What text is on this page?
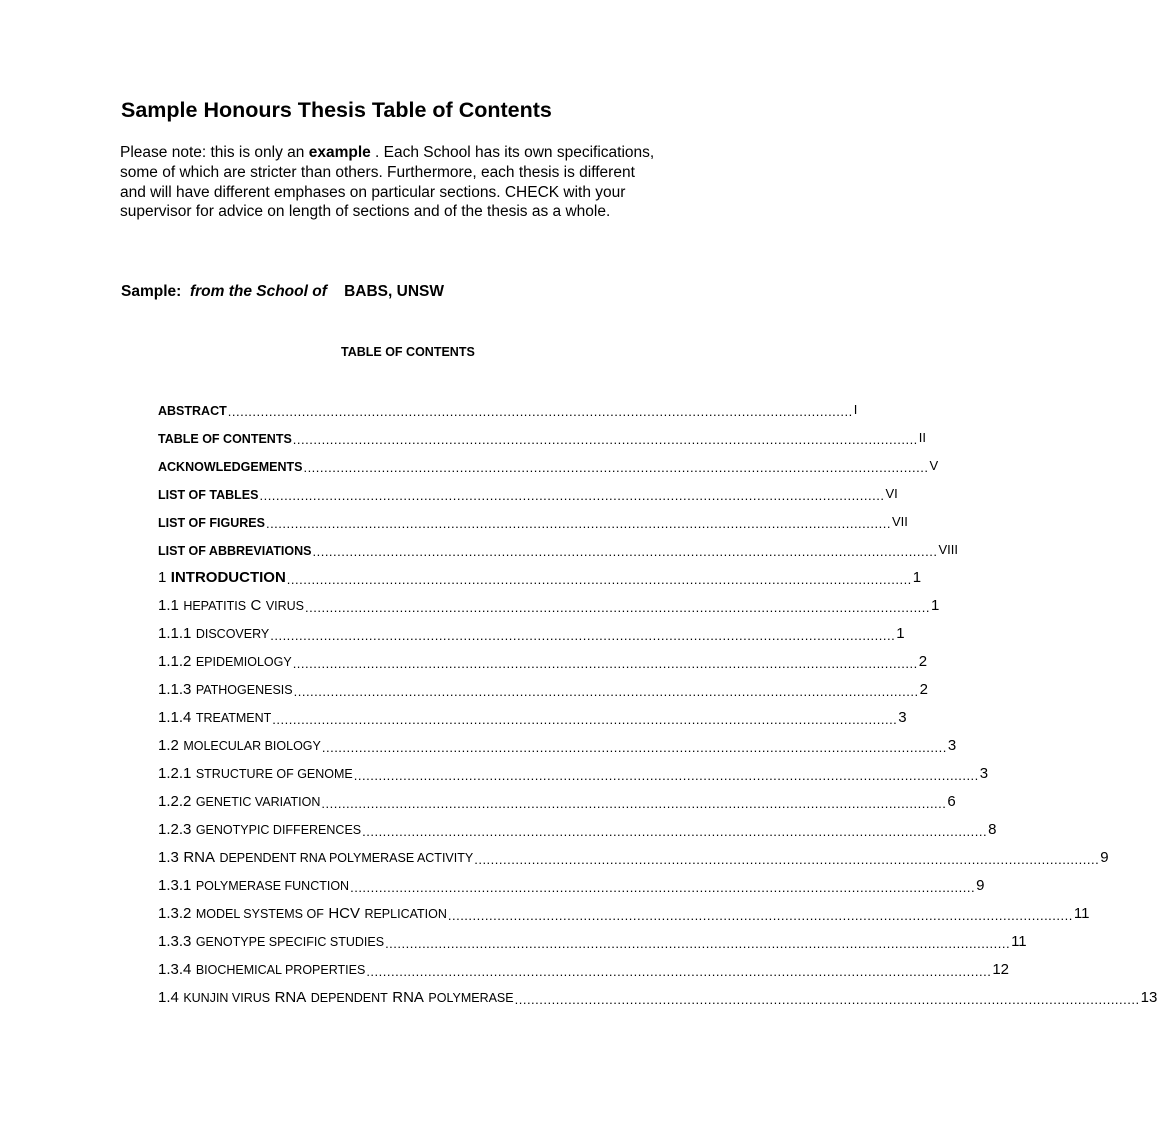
Sample Honours Thesis Table of Contents

Please note: this is only an example . Each School has its own specifications, some of which are stricter than others. Furthermore, each thesis is different and will have different emphases on particular sections. CHECK with your supervisor for advice on length of sections and of the thesis as a whole.

Sample: from the School of BABS, UNSW

TABLE OF CONTENTS
ABSTRACT ........................................................................................................................................................ I
TABLE OF CONTENTS ........................................................................................................................................................ II
ACKNOWLEDGEMENTS ........................................................................................................................................................ V
LIST OF TABLES ........................................................................................................................................................ VI
LIST OF FIGURES ........................................................................................................................................................ VII
LIST OF ABBREVIATIONS ........................................................................................................................................................ VIII
1 INTRODUCTION ........................................................................................................................................................ 1
1.1 HEPATITIS C VIRUS ........................................................................................................................................................ 1
1.1.1 DISCOVERY ........................................................................................................................................................ 1
1.1.2 EPIDEMIOLOGY ........................................................................................................................................................ 2
1.1.3 PATHOGENESIS ........................................................................................................................................................ 2
1.1.4 TREATMENT ........................................................................................................................................................ 3
1.2 MOLECULAR BIOLOGY ........................................................................................................................................................ 3
1.2.1 STRUCTURE OF GENOME ........................................................................................................................................................ 3
1.2.2 GENETIC VARIATION ........................................................................................................................................................ 6
1.2.3 GENOTYPIC DIFFERENCES ........................................................................................................................................................ 8
1.3 RNA DEPENDENT RNA POLYMERASE ACTIVITY ........................................................................................................................................................ 9
1.3.1 POLYMERASE FUNCTION ........................................................................................................................................................ 9
1.3.2 MODEL SYSTEMS OF HCV REPLICATION ........................................................................................................................................................ 11
1.3.3 GENOTYPE SPECIFIC STUDIES ........................................................................................................................................................ 11
1.3.4 BIOCHEMICAL PROPERTIES ........................................................................................................................................................ 12
1.4 KUNJIN VIRUS RNA DEPENDENT RNA POLYMERASE ........................................................................................................................................................ 13
